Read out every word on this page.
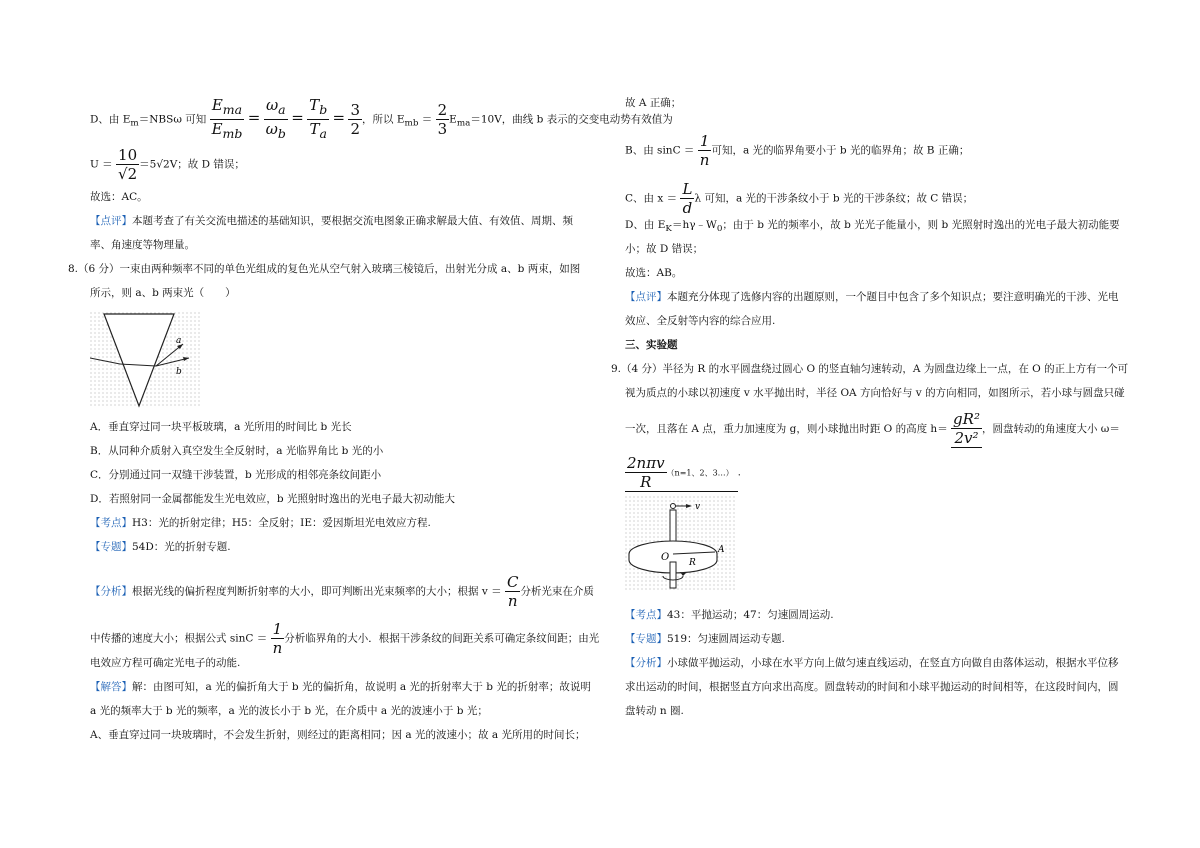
D、由 $E_m=NBS\omega$ 可知 $\frac{E_{ma}}{E_{mb}} = \frac{\omega_a}{\omega_b} = \frac{T_b}{T_a} = \frac{3}{2}$ ，所以 $E_{mb} = \frac{2}{3} E_{ma}=10V$，曲线 b 表示的交变电动势有效值为
$U = \frac{10}{√2} =5√2V$；故 D 错误；
故选：AC。
【点评】本题考查了有关交流电描述的基础知识，要根据交流电图象正确求解最大值、有效值、周期、频
率、角速度等物理量。
8.（6 分）一束由两种频率不同的单色光组成的复色光从空气射入玻璃三棱镜后，出射光分成 a、b 两束，如图
所示，则 a、b 两束光（　　）
a
b
A．垂直穿过同一块平板玻璃，a 光所用的时间比 b 光长
B．从同种介质射入真空发生全反射时，a 光临界角比 b 光的小
C．分别通过同一双缝干涉装置，b 光形成的相邻亮条纹间距小
D．若照射同一金属都能发生光电效应，b 光照射时逸出的光电子最大初动能大
【考点】H3：光的折射定律；H5：全反射；IE：爱因斯坦光电效应方程.
【专题】54D：光的折射专题.
【分析】根据光线的偏折程度判断折射率的大小，即可判断出光束频率的大小；根据 $v = \frac{C}{n}$ 分析光束在介质
中传播的速度大小；根据公式 $\sin C = \frac{1}{n}$ 分析临界角的大小．根据干涉条纹的间距关系可确定条纹间距；由光
电效应方程可确定光电子的动能.
【解答】解：由图可知，a 光的偏折角大于 b 光的偏折角，故说明 a 光的折射率大于 b 光的折射率；故说明
a 光的频率大于 b 光的频率，a 光的波长小于 b 光，在介质中 a 光的波速小于 b 光；
A、垂直穿过同一块玻璃时，不会发生折射，则经过的距离相同；因 a 光的波速小；故 a 光所用的时间长；
故 A 正确；
B、由 $\sin C = \frac{1}{n}$ 可知，a 光的临界角要小于 b 光的临界角；故 B 正确；
C、由 $x = \frac{L}{d}$ λ 可知，a 光的干涉条纹小于 b 光的干涉条纹；故 C 错误；
D、由 $E_K=h\gamma﹣W_0$；由于 b 光的频率小，故 b 光光子能量小，则 b 光照射时逸出的光电子最大初动能要
小；故 D 错误；
故选：AB。
【点评】本题充分体现了选修内容的出题原则，一个题目中包含了多个知识点；要注意明确光的干涉、光电
效应、全反射等内容的综合应用.
三、实验题
9.（4 分）半径为 R 的水平圆盘绕过圆心 O 的竖直轴匀速转动，A 为圆盘边缘上一点，在 O 的正上方有一个可
视为质点的小球以初速度 v 水平抛出时，半径 OA 方向恰好与 v 的方向相同，如图所示，若小球与圆盘只碰
一次，且落在 A 点，重力加速度为 g，则小球抛出时距 O 的高度 $h= \frac{\text{gR²}}{\text{2v²}}$ ，圆盘转动的角速度大小 ω＝
$\frac{\text{2nπv}}{R} (n=1$、2、3…） .
v
O R
A
【考点】43：平抛运动；47：匀速圆周运动.
【专题】519：匀速圆周运动专题.
【分析】小球做平抛运动，小球在水平方向上做匀速直线运动，在竖直方向做自由落体运动，根据水平位移
求出运动的时间，根据竖直方向求出高度。圆盘转动的时间和小球平抛运动的时间相等，在这段时间内，圆
盘转动 n 圈.
